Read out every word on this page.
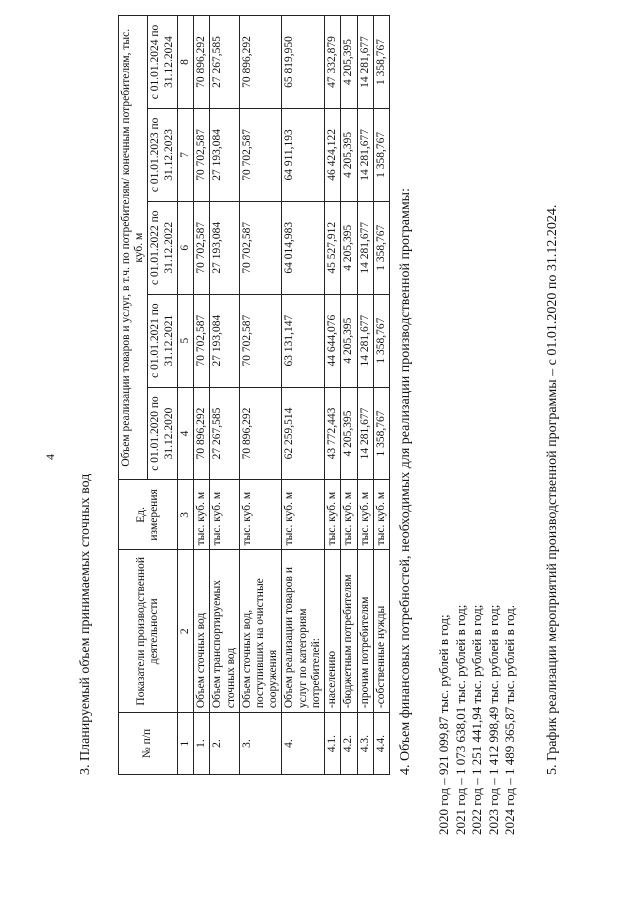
4
3. Планируемый объем принимаемых сточных вод	№ п/п	Показатели производственной деятельности	Ед. измерения	Объем реализации товаров и услуг, в т.ч. по потребителям/ конечным потребителям, тыс. куб. м				
			с 01.01.2020 по 31.12.2020	с 01.01.2021 по 31.12.2021	с 01.01.2022 по 31.12.2022	с 01.01.2023 по 31.12.2023	с 01.01.2024 по 31.12.2024
1	2	3	4	5	6	7	8
1.	Объем сточных вод	тыс. куб. м	70 896,292	70 702,587	70 702,587	70 702,587	70 896,292
2.	Объем транспортируемых сточных вод	тыс. куб. м	27 267,585	27 193,084	27 193,084	27 193,084	27 267,585
3.	Объем сточных вод, поступивших на очистные сооружения	тыс. куб. м	70 896,292	70 702,587	70 702,587	70 702,587	70 896,292
4.	Объем реализации товаров и услуг по категориям потребителей:	тыс. куб. м	62 259,514	63 131,147	64 014,983	64 911,193	65 819,950
4.1.	-населению	тыс. куб. м	43 772,443	44 644,076	45 527,912	46 424,122	47 332,879
4.2.	-бюджетным потребителям	тыс. куб. м	4 205,395	4 205,395	4 205,395	4 205,395	4 205,395
4.3.	-прочим потребителям	тыс. куб. м	14 281,677	14 281,677	14 281,677	14 281,677	14 281,677
4.4.	-собственные нужды	тыс. куб. м	1 358,767	1 358,767	1 358,767	1 358,767	1 358,767
4. Объем финансовых потребностей, необходимых для реализации производственной программы: 2020 год – 921 099,87 тыс. рублей в год; 2021 год – 1 073 638,01 тыс. рублей в год; 2022 год – 1 251 441,94 тыс. рублей в год; 2023 год – 1 412 998,49 тыс. рублей в год; 2024 год – 1 489 365,87 тыс. рублей в год. 5. График реализации мероприятий производственной программы – с 01.01.2020 по 31.12.2024.
